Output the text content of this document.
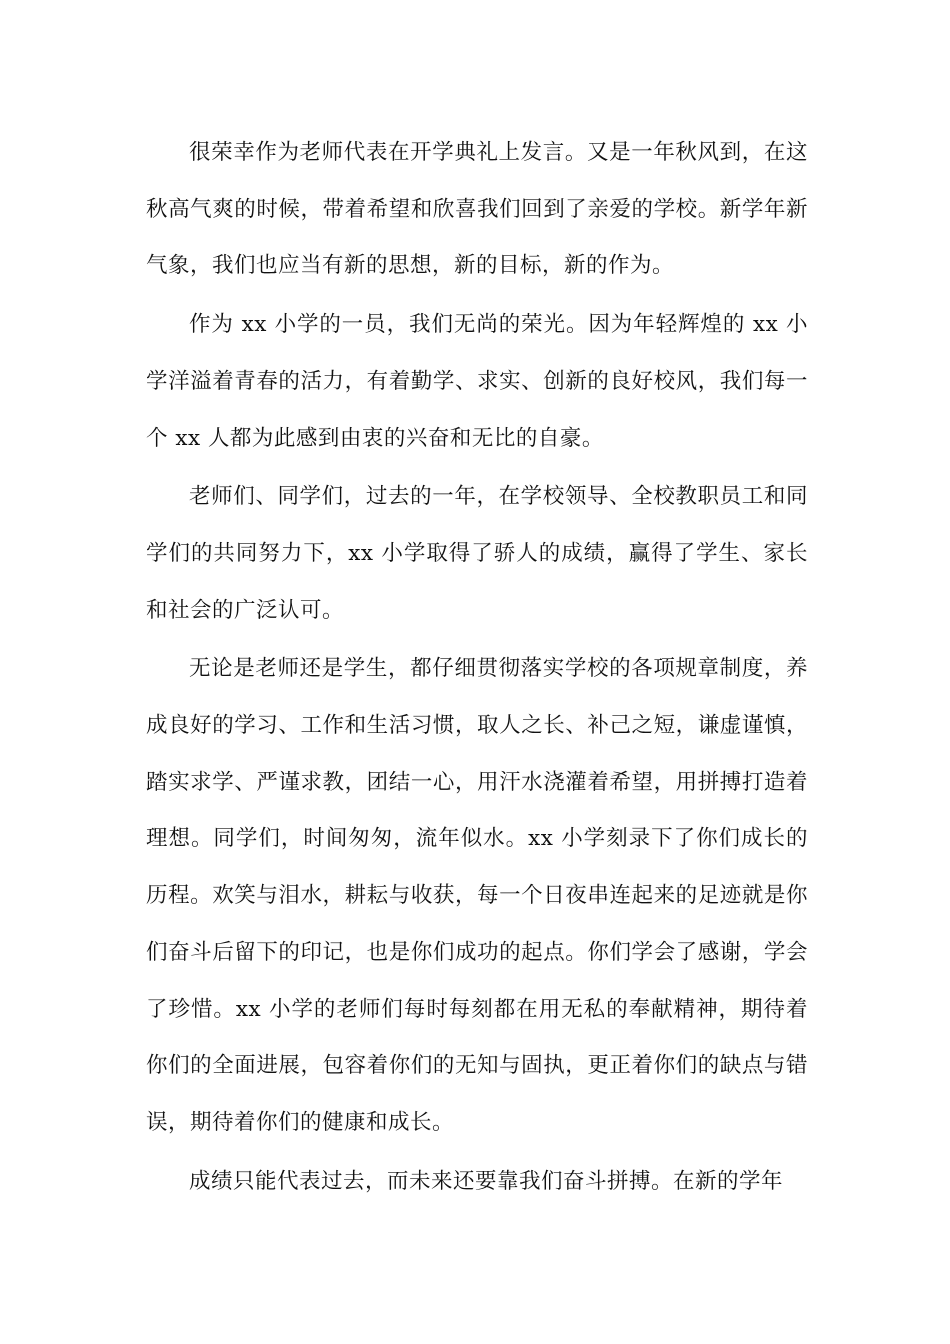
很荣幸作为老师代表在开学典礼上发言。又是一年秋风到，在这秋高气爽的时候，带着希望和欣喜我们回到了亲爱的学校。新学年新气象，我们也应当有新的思想，新的目标，新的作为。

作为 xx 小学的一员，我们无尚的荣光。因为年轻辉煌的 xx 小学洋溢着青春的活力，有着勤学、求实、创新的良好校风，我们每一个 xx 人都为此感到由衷的兴奋和无比的自豪。

老师们、同学们，过去的一年，在学校领导、全校教职员工和同学们的共同努力下，xx 小学取得了骄人的成绩，赢得了学生、家长和社会的广泛认可。

无论是老师还是学生，都仔细贯彻落实学校的各项规章制度，养成良好的学习、工作和生活习惯，取人之长、补己之短，谦虚谨慎，踏实求学、严谨求教，团结一心，用汗水浇灌着希望，用拼搏打造着理想。同学们，时间匆匆，流年似水。xx 小学刻录下了你们成长的历程。欢笑与泪水，耕耘与收获，每一个日夜串连起来的足迹就是你们奋斗后留下的印记，也是你们成功的起点。你们学会了感谢，学会了珍惜。xx 小学的老师们每时每刻都在用无私的奉献精神，期待着你们的全面进展，包容着你们的无知与固执，更正着你们的缺点与错误，期待着你们的健康和成长。

成绩只能代表过去，而未来还要靠我们奋斗拼搏。在新的学年
